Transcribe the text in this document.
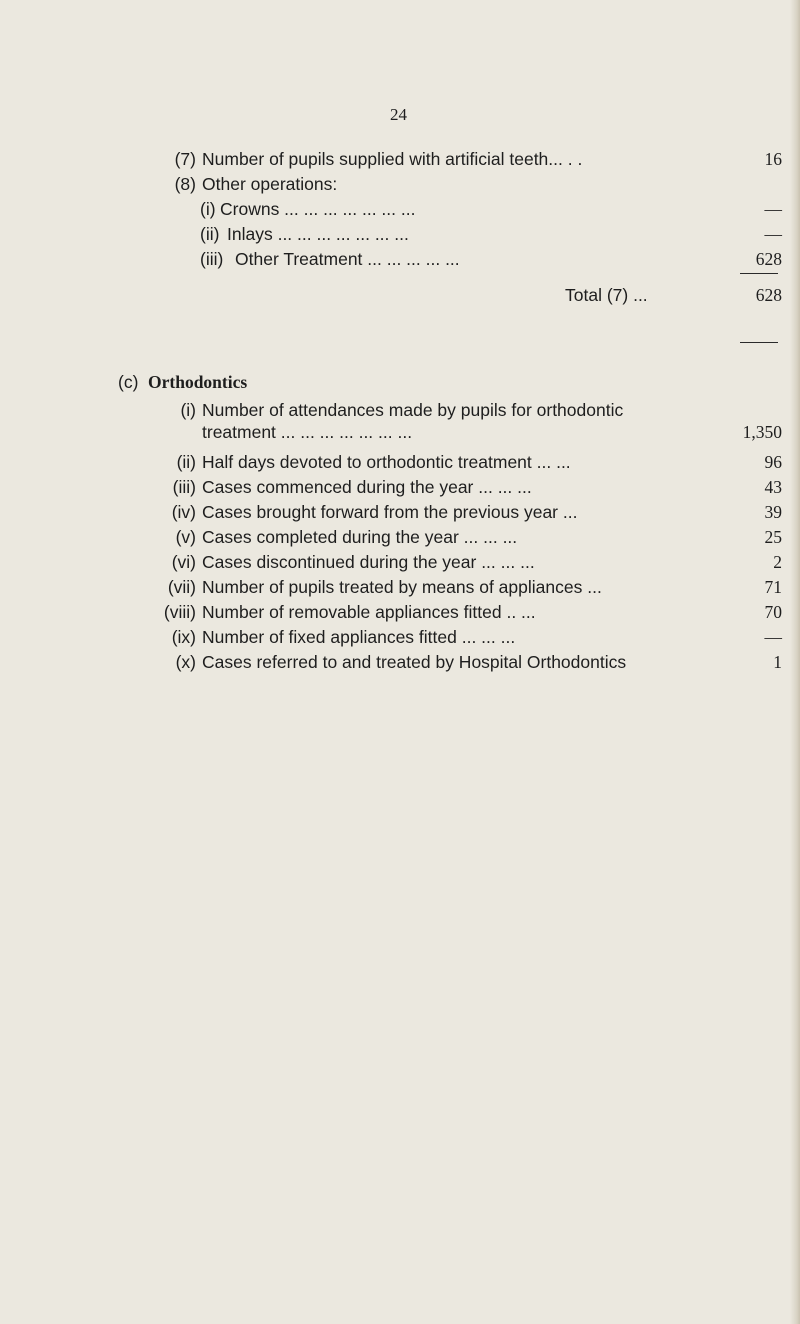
24
(7) Number of pupils supplied with artificial teeth... . .	16
(8) Other operations:
(i) Crowns ... ... ... ... ... ... ...	—
(ii) Inlays ... ... ... ... ... ... ...	—
(iii) Other Treatment ... ... ... ... ...	628
Total (7) ...	628
(c) Orthodontics
(i) Number of attendances made by pupils for orthodontic
treatment ... ... ... ... ... ... ...	1,350
(ii) Half days devoted to orthodontic treatment ... ...	96
(iii) Cases commenced during the year ... ... ...	43
(iv) Cases brought forward from the previous year ...	39
(v) Cases completed during the year ... ... ...	25
(vi) Cases discontinued during the year ... ... ...	2
(vii) Number of pupils treated by means of appliances ...	71
(viii) Number of removable appliances fitted .. ...	70
(ix) Number of fixed appliances fitted ... ... ...	—
(x) Cases referred to and treated by Hospital Orthodontics	1
